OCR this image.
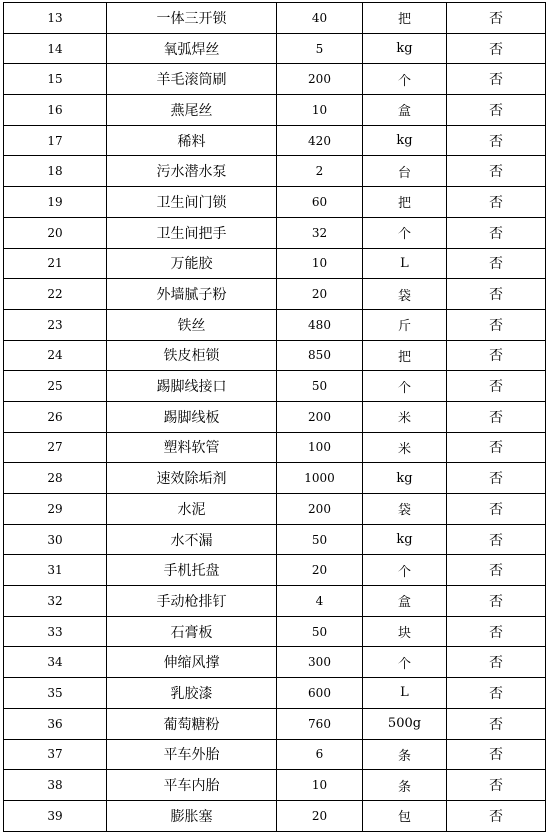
13	一体三开锁	40	把	否
14	氧弧焊丝	5	kg	否
15	羊毛滚筒刷	200	个	否
16	燕尾丝	10	盒	否
17	稀料	420	kg	否
18	污水潜水泵	2	台	否
19	卫生间门锁	60	把	否
20	卫生间把手	32	个	否
21	万能胶	10	L	否
22	外墙腻子粉	20	袋	否
23	铁丝	480	斤	否
24	铁皮柜锁	850	把	否
25	踢脚线接口	50	个	否
26	踢脚线板	200	米	否
27	塑料软管	100	米	否
28	速效除垢剂	1000	kg	否
29	水泥	200	袋	否
30	水不漏	50	kg	否
31	手机托盘	20	个	否
32	手动枪排钉	4	盒	否
33	石膏板	50	块	否
34	伸缩风撑	300	个	否
35	乳胶漆	600	L	否
36	葡萄糖粉	760	500g	否
37	平车外胎	6	条	否
38	平车内胎	10	条	否
39	膨胀塞	20	包	否
